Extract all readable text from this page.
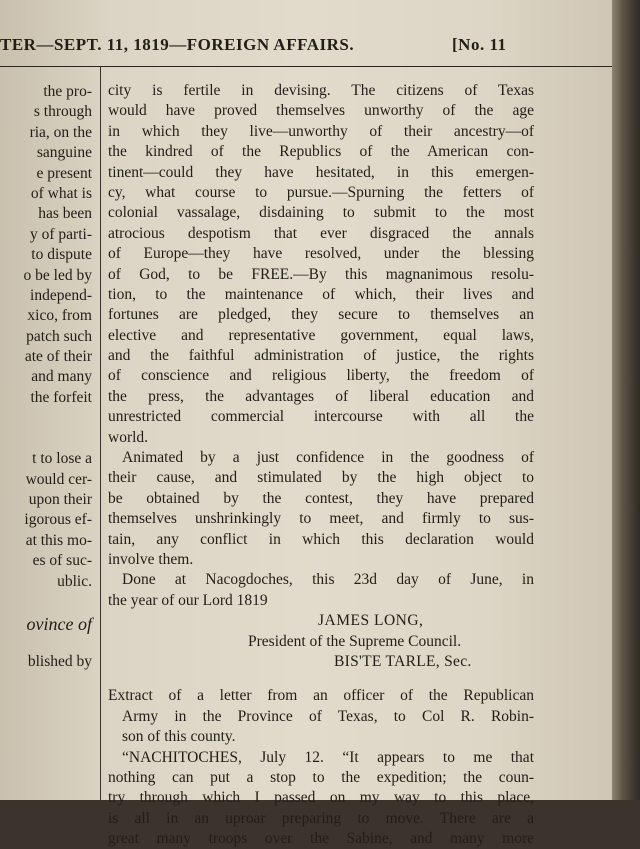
TER—SEPT. 11, 1819—FOREIGN AFFAIRS.	[No. 11
the pro-
s through
ria, on the
sanguine
e present
of what is
has been
y of parti-
to dispute
o be led by
independ-
xico, from
patch such
ate of their
and many
the forfeit
t to lose a
would cer-
upon their
igorous ef-
at this mo-
es of suc-
ublic.
ovince of
blished by
city is fertile in devising. The citizens of Texas
would have proved themselves unworthy of the age
in which they live—unworthy of their ancestry—of
the kindred of the Republics of the American con-
tinent—could they have hesitated, in this emergen-
cy, what course to pursue.—Spurning the fetters of
colonial vassalage, disdaining to submit to the most
atrocious despotism that ever disgraced the annals
of Europe—they have resolved, under the blessing
of God, to be FREE.—By this magnanimous resolu-
tion, to the maintenance of which, their lives and
fortunes are pledged, they secure to themselves an
elective and representative government, equal laws,
and the faithful administration of justice, the rights
of conscience and religious liberty, the freedom of
the press, the advantages of liberal education and
unrestricted commercial intercourse with all the
world.
Animated by a just confidence in the goodness of
their cause, and stimulated by the high object to
be obtained by the contest, they have prepared
themselves unshrinkingly to meet, and firmly to sus-
tain, any conflict in which this declaration would
involve them.
Done at Nacogdoches, this 23d day of June, in
the year of our Lord 1819
JAMES LONG,
President of the Supreme Council.
BIS'TE TARLE, Sec.
Extract of a letter from an officer of the Republican
Army in the Province of Texas, to Col R. Robin-
son of this county.
“NACHITOCHES, July 12. “It appears to me that
nothing can put a stop to the expedition; the coun-
try through which I passed on my way to this place,
is all in an uproar preparing to move. There are a
great many troops over the Sabine, and many more
